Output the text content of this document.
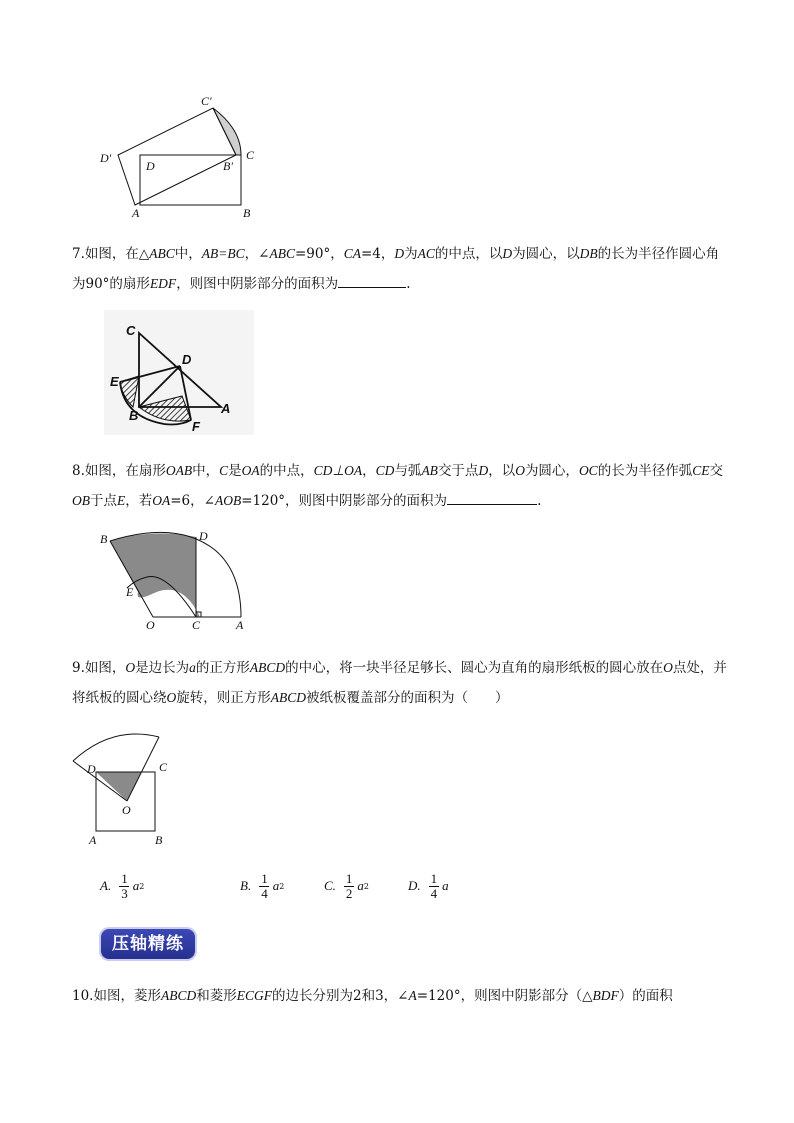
C′
D′
D	B′
C
A	B
7.如图，在△ABC中，AB=BC，∠ABC=90°，CA=4，D为AC的中点，以D为圆心，以DB的长为半径作圆心角为90°的扇形EDF，则图中阴影部分的面积为	.
C
D
E
B	A
F
8.如图，在扇形OAB中，C是OA的中点，CD⊥OA，CD与弧AB交于点D，以O为圆心，OC的长为半径作弧CE交OB于点E，若OA=6，∠AOB=120°，则图中阴影部分的面积为	.
B	D
E
O	C	A
9.如图，O是边长为a的正方形ABCD的中心，将一块半径足够长、圆心为直角的扇形纸板的圆心放在O点处，并将纸板的圆心绕O旋转，则正方形ABCD被纸板覆盖部分的面积为（　　）
D	C
O
A	B
A. $\frac{1}{3}$ a 2	B. $\frac{1}{4}$ a 2	C. $\frac{1}{2}$ a 2	D. $\frac{1}{4}$ a
压轴精练
10.如图，菱形ABCD和菱形ECGF的边长分别为2和3，∠A=120°，则图中阴影部分（△BDF）的面积
